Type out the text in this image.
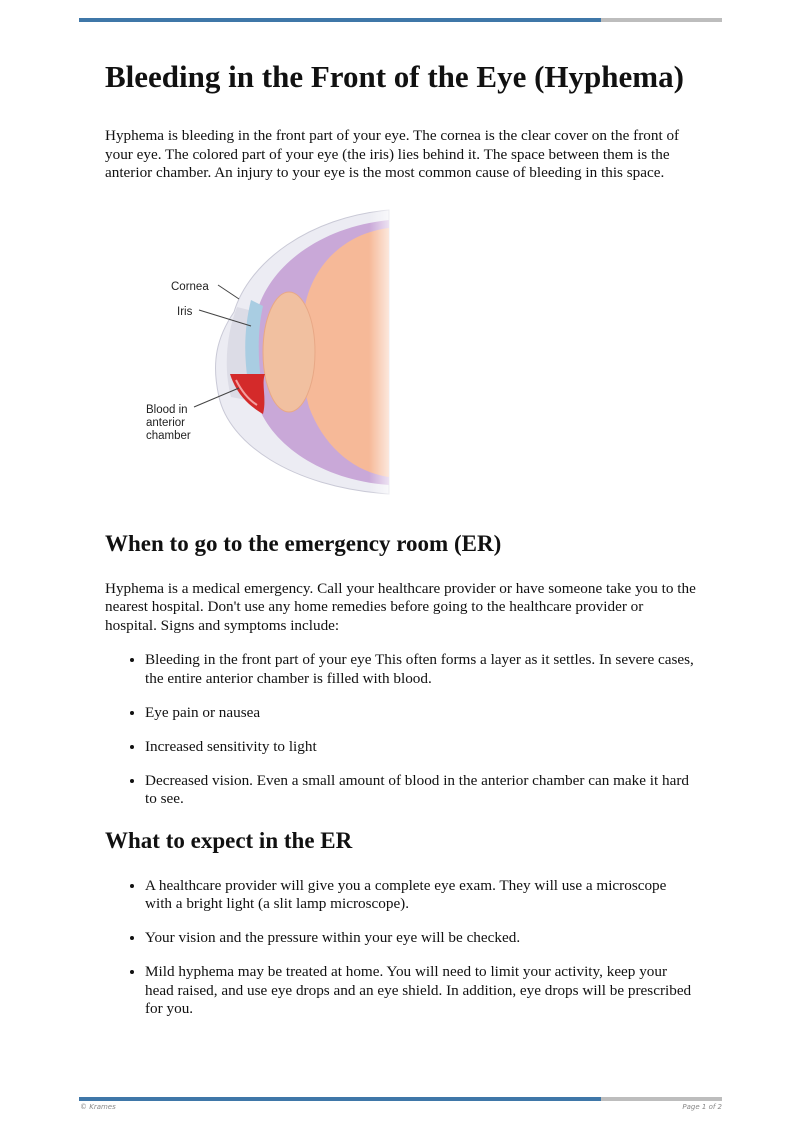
Bleeding in the Front of the Eye (Hyphema)

Hyphema is bleeding in the front part of your eye. The cornea is the clear cover on the front of your eye. The colored part of your eye (the iris) lies behind it. The space between them is the anterior chamber. An injury to your eye is the most common cause of bleeding in this space.

Cornea
Iris
Blood in
anterior
chamber
When to go to the emergency room (ER)

Hyphema is a medical emergency. Call your healthcare provider or have someone take you to the nearest hospital. Don't use any home remedies before going to the healthcare provider or hospital. Signs and symptoms include:

• Bleeding in the front part of your eye This often forms a layer as it settles. In severe cases, the entire anterior chamber is filled with blood.
• Eye pain or nausea
• Increased sensitivity to light
• Decreased vision. Even a small amount of blood in the anterior chamber can make it hard to see.
What to expect in the ER
• A healthcare provider will give you a complete eye exam. They will use a microscope with a bright light (a slit lamp microscope).
• Your vision and the pressure within your eye will be checked.
• Mild hyphema may be treated at home. You will need to limit your activity, keep your head raised, and use eye drops and an eye shield. In addition, eye drops will be prescribed for you.
© Krames	Page 1 of 2
